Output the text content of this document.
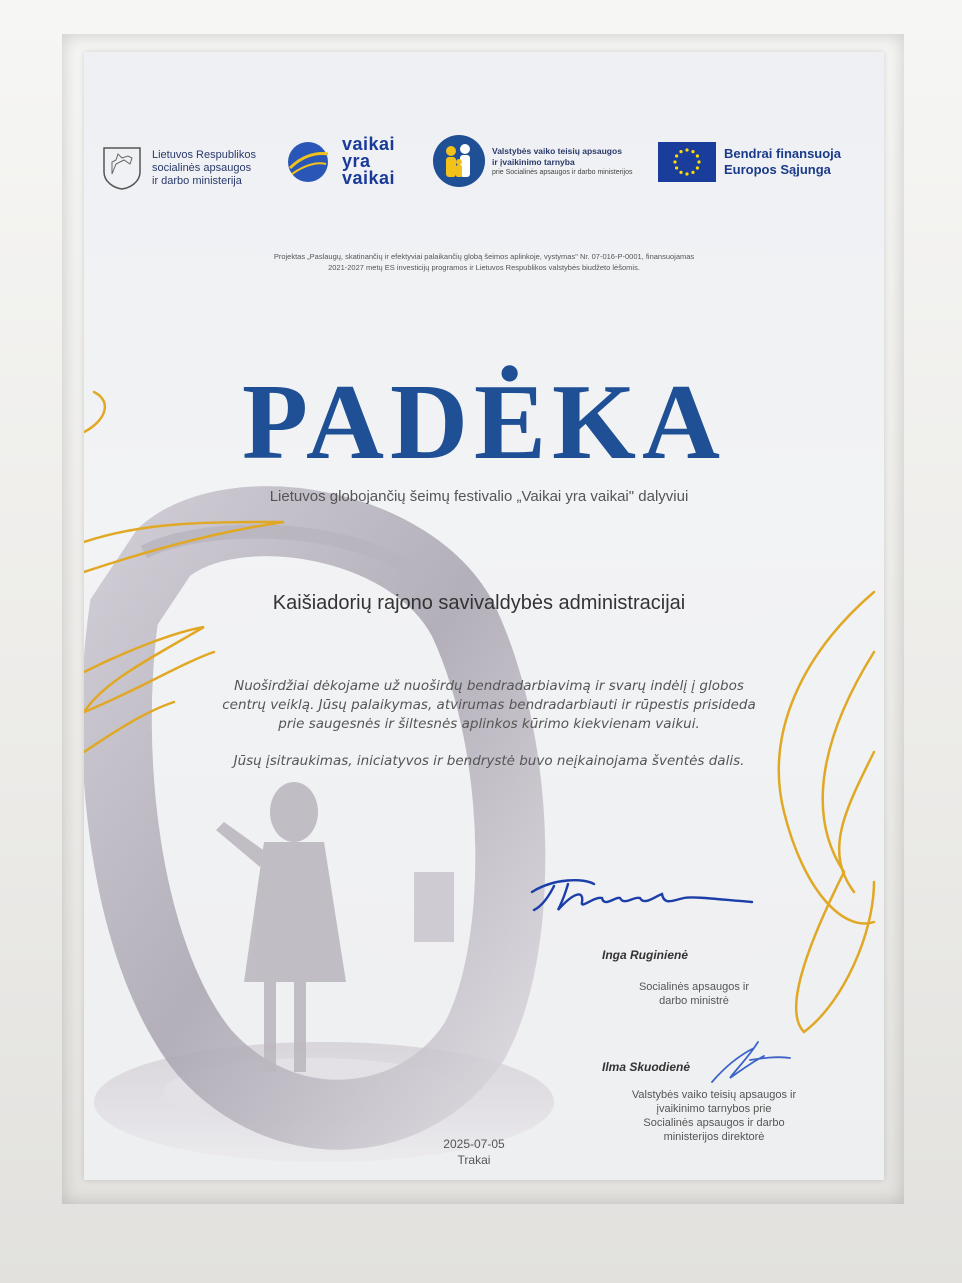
Lietuvos Respublikos
socialinės apsaugos
ir darbo ministerija
vaikai
yra
vaikai
Valstybės vaiko teisių apsaugos
ir įvaikinimo tarnyba
prie Socialinės apsaugos ir darbo ministerijos
Bendrai finansuoja
Europos Sąjunga
Projektas „Paslaugų, skatinančių ir efektyviai palaikančių globą šeimos aplinkoje, vystymas" Nr. 07-016-P-0001, finansuojamas
2021-2027 metų ES investicijų programos ir Lietuvos Respublikos valstybės biudžeto lėšomis.
PADĖKA
Lietuvos globojančių šeimų festivalio „Vaikai yra vaikai" dalyviui
Kaišiadorių rajono savivaldybės administracijai
Nuoširdžiai dėkojame už nuoširdų bendradarbiavimą ir svarų indėlį į globos
centrų veiklą. Jūsų palaikymas, atvirumas bendradarbiauti ir rūpestis prisideda
prie saugesnės ir šiltesnės aplinkos kūrimo kiekvienam vaikui.
Jūsų įsitraukimas, iniciatyvos ir bendrystė buvo neįkainojama šventės dalis.
Inga Ruginienė
Socialinės apsaugos ir
darbo ministrė
Ilma Skuodienė
Valstybės vaiko teisių apsaugos ir
įvaikinimo tarnybos prie
Socialinės apsaugos ir darbo
ministerijos direktorė
2025-07-05
Trakai
